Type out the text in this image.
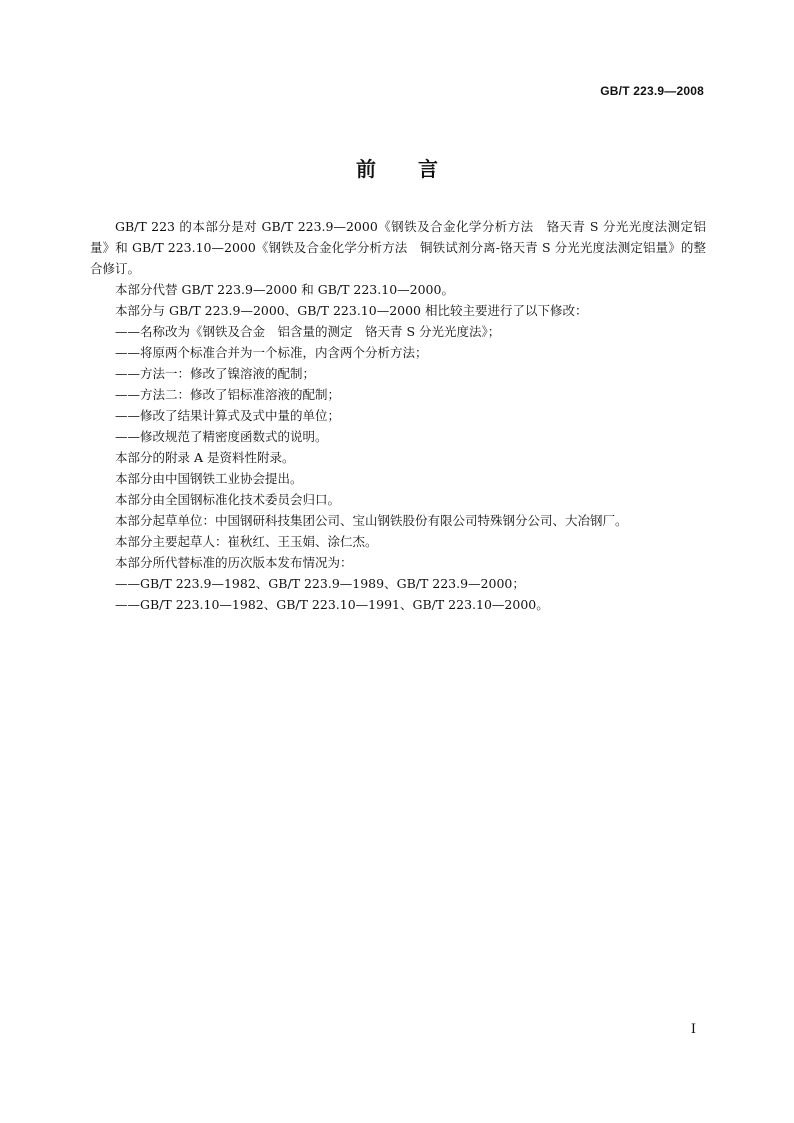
GB/T 223.9—2008
前言

GB/T 223 的本部分是对 GB/T 223.9—2000《钢铁及合金化学分析方法　铬天青 S 分光光度法测定铝量》和 GB/T 223.10—2000《钢铁及合金化学分析方法　铜铁试剂分离-铬天青 S 分光光度法测定铝量》的整合修订。

本部分代替 GB/T 223.9—2000 和 GB/T 223.10—2000。

本部分与 GB/T 223.9—2000、GB/T 223.10—2000 相比较主要进行了以下修改：

——名称改为《钢铁及合金　铝含量的测定　铬天青 S 分光光度法》；

——将原两个标准合并为一个标准，内含两个分析方法；

——方法一：修改了镍溶液的配制；

——方法二：修改了铝标准溶液的配制；

——修改了结果计算式及式中量的单位；

——修改规范了精密度函数式的说明。

本部分的附录 A 是资料性附录。

本部分由中国钢铁工业协会提出。

本部分由全国钢标准化技术委员会归口。

本部分起草单位：中国钢研科技集团公司、宝山钢铁股份有限公司特殊钢分公司、大冶钢厂。

本部分主要起草人：崔秋红、王玉娟、涂仁杰。

本部分所代替标准的历次版本发布情况为：

——GB/T 223.9—1982、GB/T 223.9—1989、GB/T 223.9—2000；

——GB/T 223.10—1982、GB/T 223.10—1991、GB/T 223.10—2000。

I
